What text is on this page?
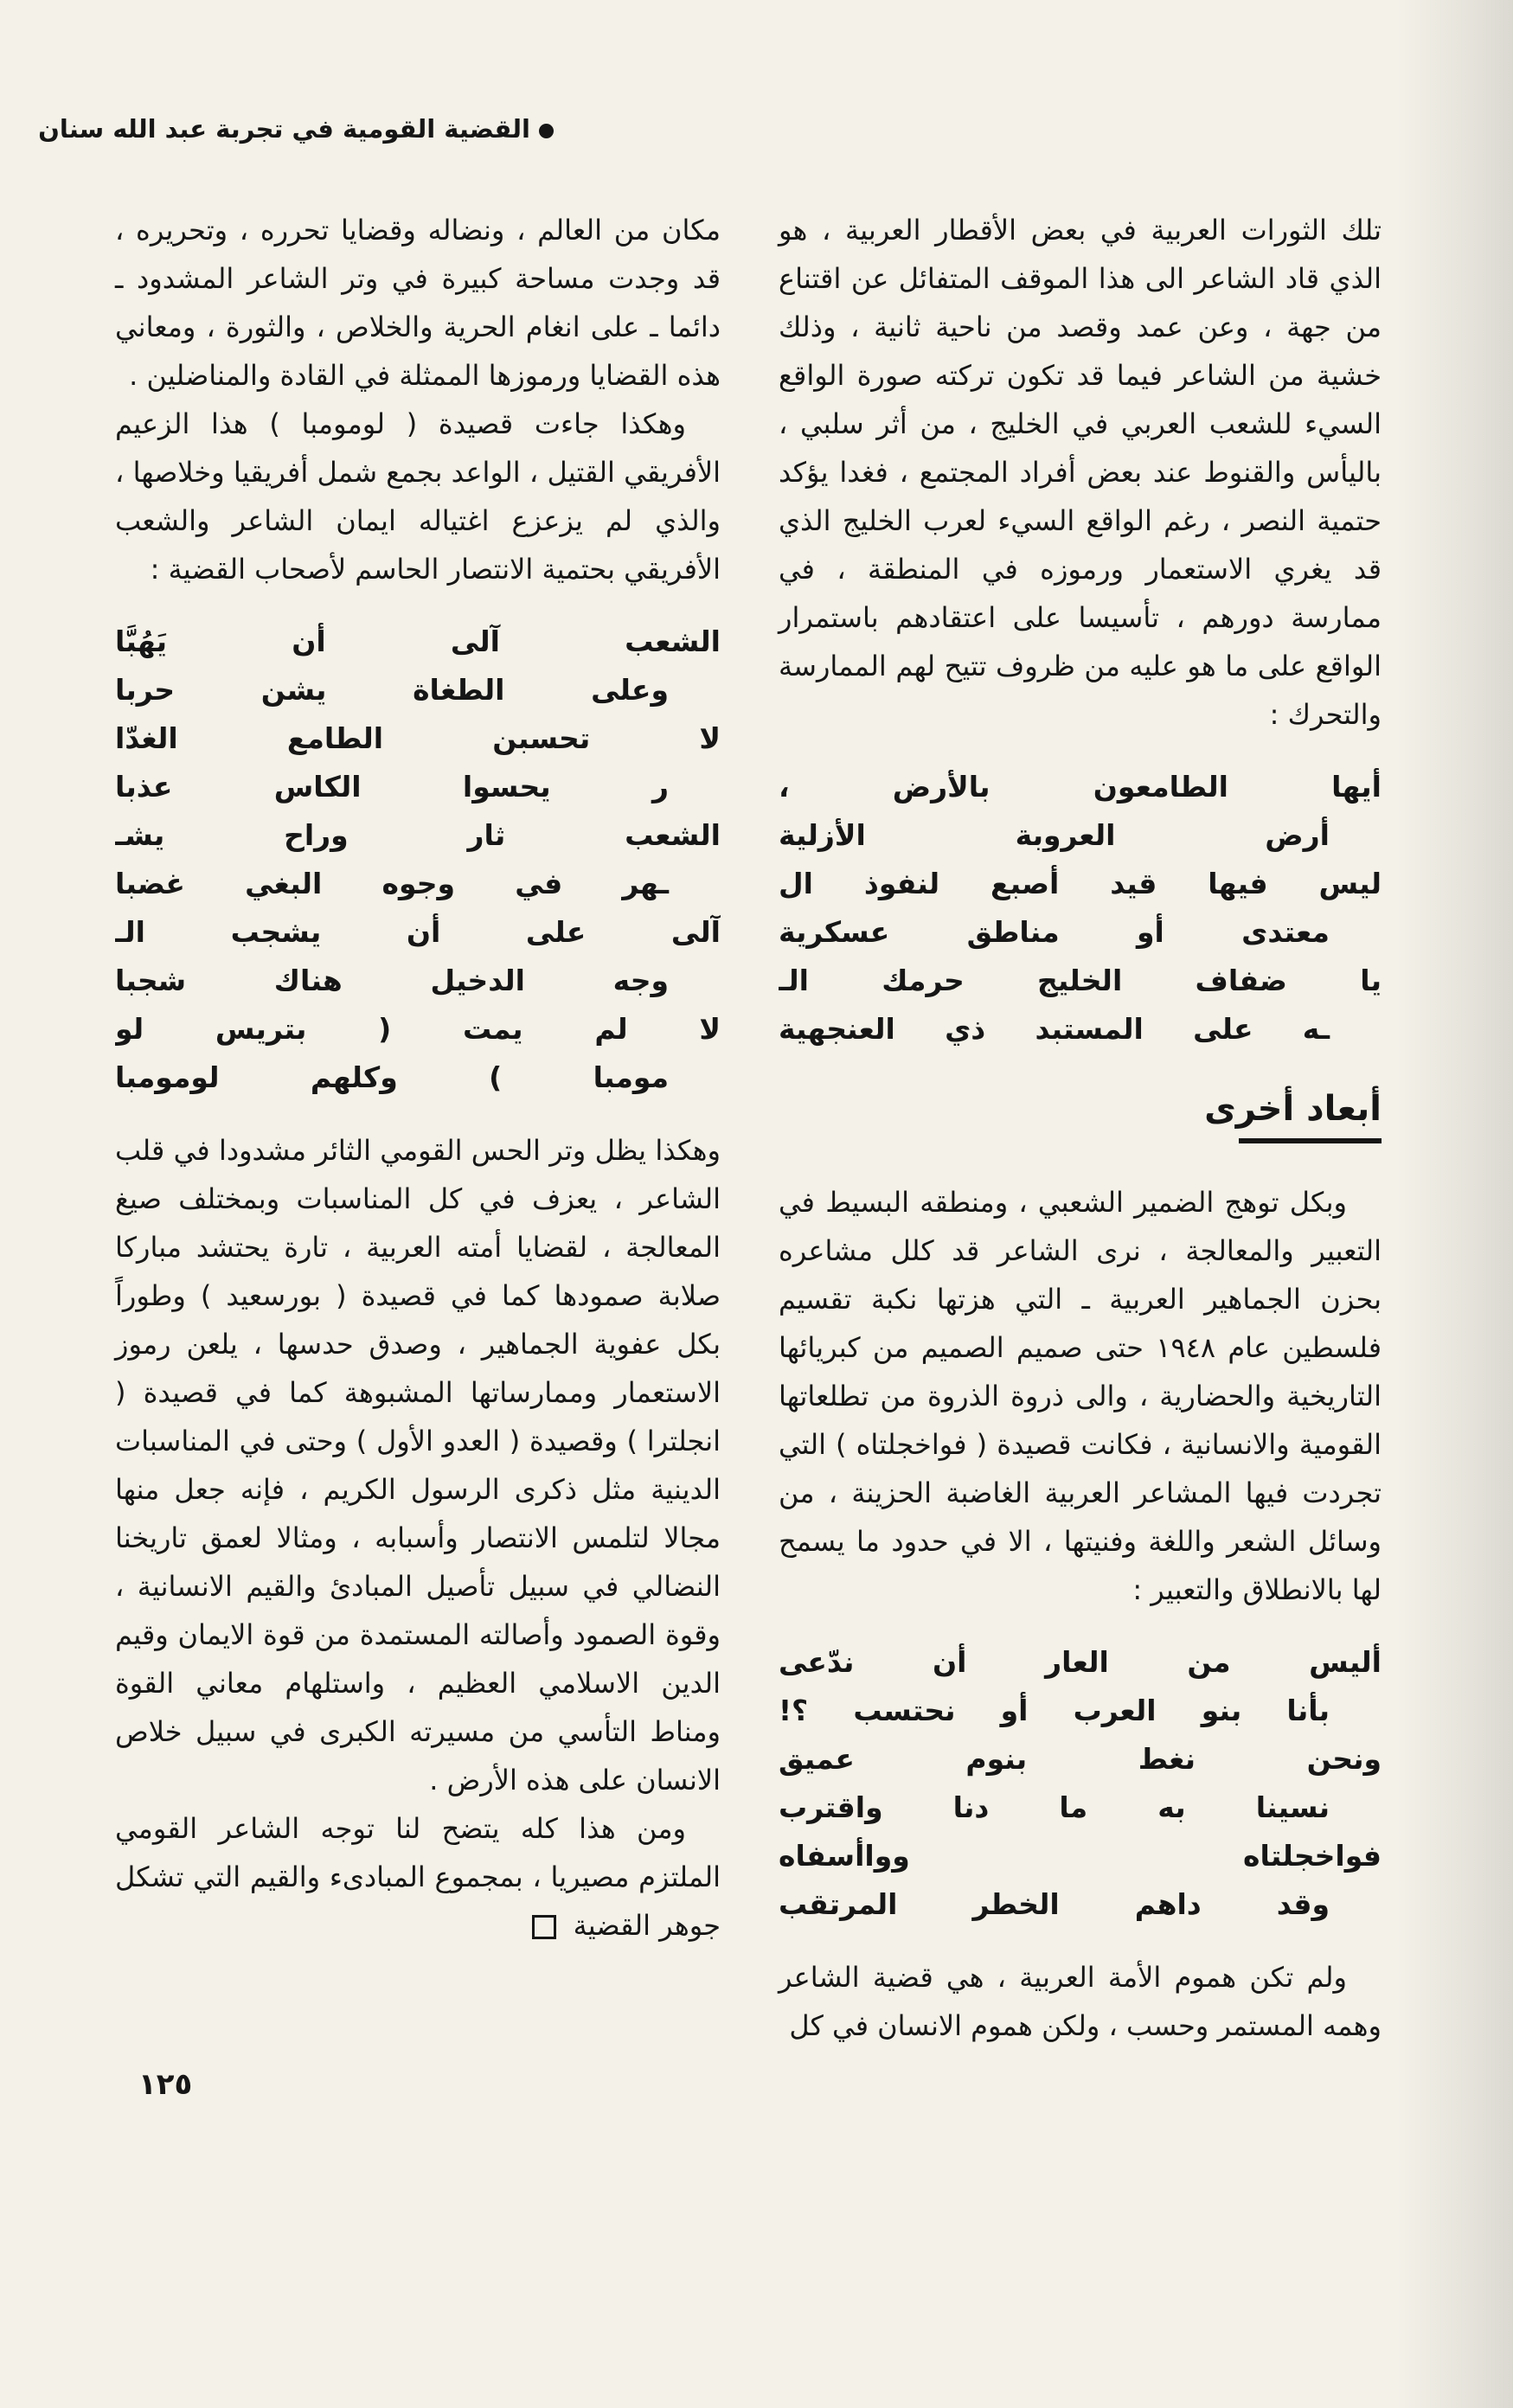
القضية القومية في تجربة عبد الله سنان

تلك الثورات العربية في بعض الأقطار العربية ، هو الذي قاد الشاعر الى هذا الموقف المتفائل عن اقتناع من جهة ، وعن عمد وقصد من ناحية ثانية ، وذلك خشية من الشاعر فيما قد تكون تركته صورة الواقع السيء للشعب العربي في الخليج ، من أثر سلبي ، باليأس والقنوط عند بعض أفراد المجتمع ، فغدا يؤكد حتمية النصر ، رغم الواقع السيء لعرب الخليج الذي قد يغري الاستعمار ورموزه في المنطقة ، في ممارسة دورهم ، تأسيسا على اعتقادهم باستمرار الواقع على ما هو عليه من ظروف تتيح لهم الممارسة والتحرك :

أيها الطامعون بالأرض ،
أرض العروبة الأزلية
ليس فيها قيد أصبع لنفوذ ال
معتدى أو مناطق عسكرية
يا ضفاف الخليج حرمك الـ
ـه على المستبد ذي العنجهية
أبعاد أخرى

وبكل توهج الضمير الشعبي ، ومنطقه البسيط في التعبير والمعالجة ، نرى الشاعر قد كلل مشاعره بحزن الجماهير العربية ـ التي هزتها نكبة تقسيم فلسطين عام ١٩٤٨ حتى صميم الصميم من كبريائها التاريخية والحضارية ، والى ذروة الذروة من تطلعاتها القومية والانسانية ، فكانت قصيدة ( فواخجلتاه ) التي تجردت فيها المشاعر العربية الغاضبة الحزينة ، من وسائل الشعر واللغة وفنيتها ، الا في حدود ما يسمح لها بالانطلاق والتعبير :

أليس من العار أن ندّعى
بأنا بنو العرب أو نحتسب ؟!
ونحن نغط بنوم عميق
نسينا به ما دنا واقترب
فواخجلتاه وواأسفاه
وقد داهم الخطر المرتقب

ولم تكن هموم الأمة العربية ، هي قضية الشاعر وهمه المستمر وحسب ، ولكن هموم الانسان في كل

مكان من العالم ، ونضاله وقضايا تحرره ، وتحريره ، قد وجدت مساحة كبيرة في وتر الشاعر المشدود ـ دائما ـ على انغام الحرية والخلاص ، والثورة ، ومعاني هذه القضايا ورموزها الممثلة في القادة والمناضلين .

وهكذا جاءت قصيدة ( لومومبا ) هذا الزعيم الأفريقي القتيل ، الواعد بجمع شمل أفريقيا وخلاصها ، والذي لم يزعزع اغتياله ايمان الشاعر والشعب الأفريقي بحتمية الانتصار الحاسم لأصحاب القضية :

الشعب آلى أن يَهُبَّا
وعلى الطغاة يشن حربا
لا تحسبن الطامع الغدّا
ر يحسوا الكاس عذبا
الشعب ثار وراح يشـ
ـهر في وجوه البغي غضبا
آلى على أن يشجب الـ
وجه الدخيل هناك شجبا
لا لم يمت ( بتريس لو
مومبا ) وكلهم لومومبا

وهكذا يظل وتر الحس القومي الثائر مشدودا في قلب الشاعر ، يعزف في كل المناسبات وبمختلف صيغ المعالجة ، لقضايا أمته العربية ، تارة يحتشد مباركا صلابة صمودها كما في قصيدة ( بورسعيد ) وطوراً بكل عفوية الجماهير ، وصدق حدسها ، يلعن رموز الاستعمار وممارساتها المشبوهة كما في قصيدة ( انجلترا ) وقصيدة ( العدو الأول ) وحتى في المناسبات الدينية مثل ذكرى الرسول الكريم ، فإنه جعل منها مجالا لتلمس الانتصار وأسبابه ، ومثالا لعمق تاريخنا النضالي في سبيل تأصيل المبادئ والقيم الانسانية ، وقوة الصمود وأصالته المستمدة من قوة الايمان وقيم الدين الاسلامي العظيم ، واستلهام معاني القوة ومناط التأسي من مسيرته الكبرى في سبيل خلاص الانسان على هذه الأرض .

ومن هذا كله يتضح لنا توجه الشاعر القومي الملتزم مصيريا ، بمجموع المبادىء والقيم التي تشكل جوهر القضية

١٢٥
